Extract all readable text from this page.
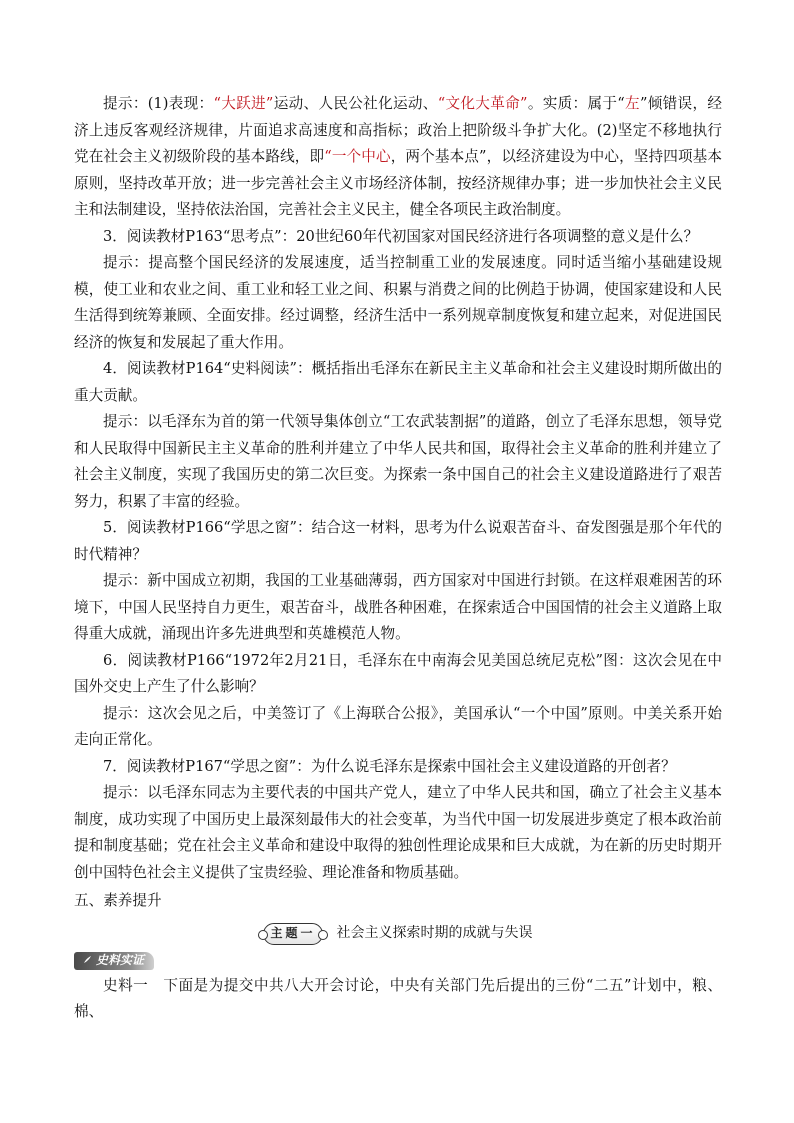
提示：(1)表现：“大跃进”运动、人民公社化运动、“文化大革命”。实质：属于“左”倾错误，经济上违反客观经济规律，片面追求高速度和高指标；政治上把阶级斗争扩大化。(2)坚定不移地执行党在社会主义初级阶段的基本路线，即“一个中心，两个基本点”，以经济建设为中心，坚持四项基本原则，坚持改革开放；进一步完善社会主义市场经济体制，按经济规律办事；进一步加快社会主义民主和法制建设，坚持依法治国，完善社会主义民主，健全各项民主政治制度。

3．阅读教材P163“思考点”：20世纪60年代初国家对国民经济进行各项调整的意义是什么？

提示：提高整个国民经济的发展速度，适当控制重工业的发展速度。同时适当缩小基础建设规模，使工业和农业之间、重工业和轻工业之间、积累与消费之间的比例趋于协调，使国家建设和人民生活得到统筹兼顾、全面安排。经过调整，经济生活中一系列规章制度恢复和建立起来，对促进国民经济的恢复和发展起了重大作用。

4．阅读教材P164“史料阅读”：概括指出毛泽东在新民主主义革命和社会主义建设时期所做出的重大贡献。

提示：以毛泽东为首的第一代领导集体创立“工农武装割据”的道路，创立了毛泽东思想，领导党和人民取得中国新民主主义革命的胜利并建立了中华人民共和国，取得社会主义革命的胜利并建立了社会主义制度，实现了我国历史的第二次巨变。为探索一条中国自己的社会主义建设道路进行了艰苦努力，积累了丰富的经验。

5．阅读教材P166“学思之窗”：结合这一材料，思考为什么说艰苦奋斗、奋发图强是那个年代的时代精神？

提示：新中国成立初期，我国的工业基础薄弱，西方国家对中国进行封锁。在这样艰难困苦的环境下，中国人民坚持自力更生，艰苦奋斗，战胜各种困难，在探索适合中国国情的社会主义道路上取得重大成就，涌现出许多先进典型和英雄模范人物。

6．阅读教材P166“1972年2月21日，毛泽东在中南海会见美国总统尼克松”图：这次会见在中国外交史上产生了什么影响？

提示：这次会见之后，中美签订了《上海联合公报》，美国承认“一个中国”原则。中美关系开始走向正常化。

7．阅读教材P167“学思之窗”：为什么说毛泽东是探索中国社会主义建设道路的开创者？

提示：以毛泽东同志为主要代表的中国共产党人，建立了中华人民共和国，确立了社会主义基本制度，成功实现了中国历史上最深刻最伟大的社会变革，为当代中国一切发展进步奠定了根本政治前提和制度基础；党在社会主义革命和建设中取得的独创性理论成果和巨大成就，为在新的历史时期开创中国特色社会主义提供了宝贵经验、理论准备和物质基础。

五、素养提升

主题一	社会主义探索时期的成就与失误
史料实证

史料一　下面是为提交中共八大开会讨论，中央有关部门先后提出的三份“二五”计划中，粮、棉、
